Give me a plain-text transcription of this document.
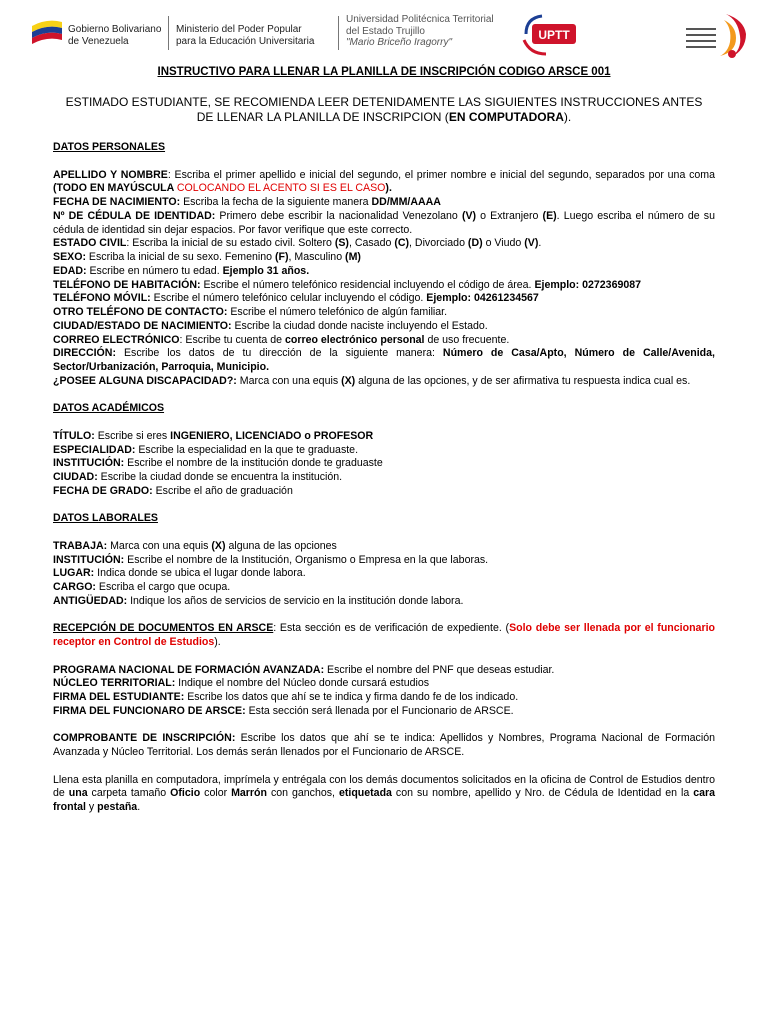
Gobierno Bolivariano
de Venezuela
Ministerio del Poder Popular
para la Educación Universitaria
Universidad Politécnica Territorial
del Estado Trujillo
"Mario Briceño Iragorry"
UPTT
INSTRUCTIVO PARA LLENAR LA PLANILLA DE INSCRIPCIÓN CODIGO ARSCE 001
ESTIMADO ESTUDIANTE, SE RECOMIENDA LEER DETENIDAMENTE LAS SIGUIENTES INSTRUCCIONES ANTES DE LLENAR LA PLANILLA DE INSCRIPCION (EN COMPUTADORA).

DATOS PERSONALES

APELLIDO Y NOMBRE: Escriba el primer apellido e inicial del segundo, el primer nombre e inicial del segundo, separados por una coma (TODO EN MAYÚSCULA COLOCANDO EL ACENTO SI ES EL CASO).

FECHA DE NACIMIENTO: Escriba la fecha de la siguiente manera DD/MM/AAAA

Nº DE CÉDULA DE IDENTIDAD: Primero debe escribir la nacionalidad Venezolano (V) o Extranjero (E). Luego escriba el número de su cédula de identidad sin dejar espacios. Por favor verifique que este correcto.

ESTADO CIVIL: Escriba la inicial de su estado civil. Soltero (S), Casado (C), Divorciado (D) o Viudo (V).

SEXO: Escriba la inicial de su sexo. Femenino (F), Masculino (M)

EDAD: Escribe en número tu edad. Ejemplo 31 años.

TELÉFONO DE HABITACIÓN: Escribe el número telefónico residencial incluyendo el código de área. Ejemplo: 0272369087

TELÉFONO MÓVIL: Escribe el número telefónico celular incluyendo el código. Ejemplo: 04261234567

OTRO TELÉFONO DE CONTACTO: Escribe el número telefónico de algún familiar.

CIUDAD/ESTADO DE NACIMIENTO: Escribe la ciudad donde naciste incluyendo el Estado.

CORREO ELECTRÓNICO: Escribe tu cuenta de correo electrónico personal de uso frecuente.

DIRECCIÓN: Escribe los datos de tu dirección de la siguiente manera: Número de Casa/Apto, Número de Calle/Avenida, Sector/Urbanización, Parroquia, Municipio.

¿POSEE ALGUNA DISCAPACIDAD?: Marca con una equis (X) alguna de las opciones, y de ser afirmativa tu respuesta indica cual es.

DATOS ACADÉMICOS

TÍTULO: Escribe si eres INGENIERO, LICENCIADO o PROFESOR

ESPECIALIDAD: Escribe la especialidad en la que te graduaste.

INSTITUCIÓN: Escribe el nombre de la institución donde te graduaste

CIUDAD: Escribe la ciudad donde se encuentra la institución.

FECHA DE GRADO: Escribe el año de graduación

DATOS LABORALES

TRABAJA: Marca con una equis (X) alguna de las opciones

INSTITUCIÓN: Escribe el nombre de la Institución, Organismo o Empresa en la que laboras.

LUGAR: Indica donde se ubica el lugar donde labora.

CARGO: Escriba el cargo que ocupa.

ANTIGÜEDAD: Indique los años de servicios de servicio en la institución donde labora.

RECEPCIÓN DE DOCUMENTOS EN ARSCE: Esta sección es de verificación de expediente. (Solo debe ser llenada por el funcionario receptor en Control de Estudios).

PROGRAMA NACIONAL DE FORMACIÓN AVANZADA: Escribe el nombre del PNF que deseas estudiar.

NÚCLEO TERRITORIAL: Indique el nombre del Núcleo donde cursará estudios

FIRMA DEL ESTUDIANTE: Escribe los datos que ahí se te indica y firma dando fe de los indicado.

FIRMA DEL FUNCIONARO DE ARSCE: Esta sección será llenada por el Funcionario de ARSCE.

COMPROBANTE DE INSCRIPCIÓN: Escribe los datos que ahí se te indica: Apellidos y Nombres, Programa Nacional de Formación Avanzada y Núcleo Territorial. Los demás serán llenados por el Funcionario de ARSCE.

Llena esta planilla en computadora, imprímela y entrégala con los demás documentos solicitados en la oficina de Control de Estudios dentro de una carpeta tamaño Oficio color Marrón con ganchos, etiquetada con su nombre, apellido y Nro. de Cédula de Identidad en la cara frontal y pestaña.
